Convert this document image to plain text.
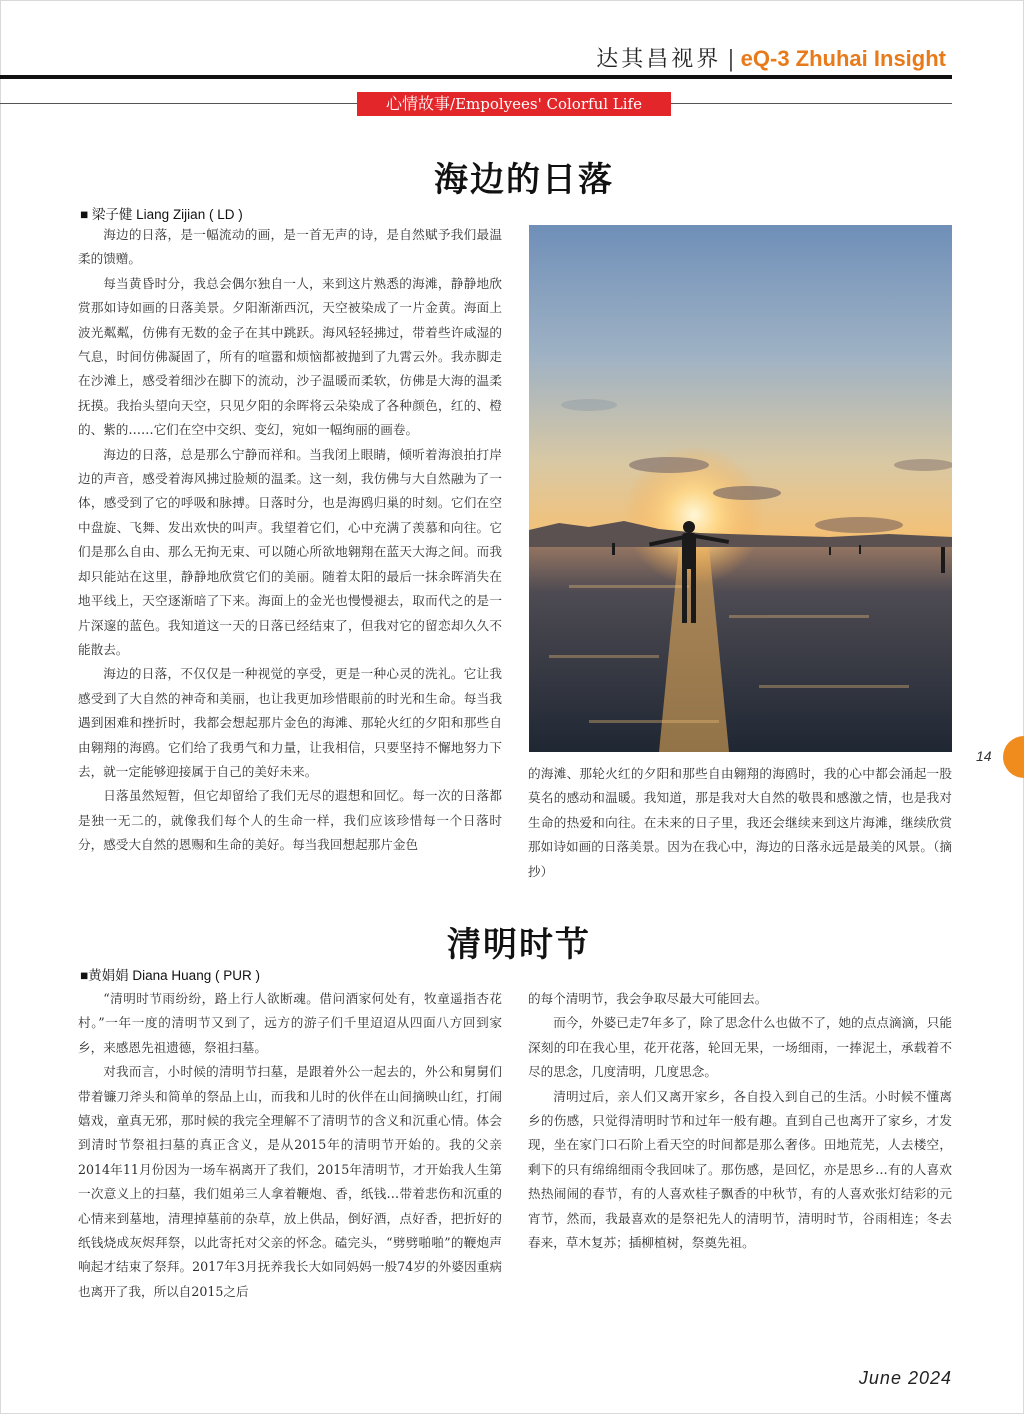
达其昌视界 | eQ-3 Zhuhai Insight
心情故事/Empolyees' Colorful Life
海边的日落
■ 梁子健 Liang Zijian ( LD )

海边的日落，是一幅流动的画，是一首无声的诗，是自然赋予我们最温柔的馈赠。

每当黄昏时分，我总会偶尔独自一人，来到这片熟悉的海滩，静静地欣赏那如诗如画的日落美景。夕阳渐渐西沉，天空被染成了一片金黄。海面上波光粼粼，仿佛有无数的金子在其中跳跃。海风轻轻拂过，带着些许咸湿的气息，时间仿佛凝固了，所有的喧嚣和烦恼都被抛到了九霄云外。我赤脚走在沙滩上，感受着细沙在脚下的流动，沙子温暖而柔软，仿佛是大海的温柔抚摸。我抬头望向天空，只见夕阳的余晖将云朵染成了各种颜色，红的、橙的、紫的……它们在空中交织、变幻，宛如一幅绚丽的画卷。

海边的日落，总是那么宁静而祥和。当我闭上眼睛，倾听着海浪拍打岸边的声音，感受着海风拂过脸颊的温柔。这一刻，我仿佛与大自然融为了一体，感受到了它的呼吸和脉搏。日落时分，也是海鸥归巢的时刻。它们在空中盘旋、飞舞、发出欢快的叫声。我望着它们，心中充满了羡慕和向往。它们是那么自由、那么无拘无束、可以随心所欲地翱翔在蓝天大海之间。而我却只能站在这里，静静地欣赏它们的美丽。随着太阳的最后一抹余晖消失在地平线上，天空逐渐暗了下来。海面上的金光也慢慢褪去，取而代之的是一片深邃的蓝色。我知道这一天的日落已经结束了，但我对它的留恋却久久不能散去。

海边的日落，不仅仅是一种视觉的享受，更是一种心灵的洗礼。它让我感受到了大自然的神奇和美丽，也让我更加珍惜眼前的时光和生命。每当我遇到困难和挫折时，我都会想起那片金色的海滩、那轮火红的夕阳和那些自由翱翔的海鸥。它们给了我勇气和力量，让我相信，只要坚持不懈地努力下去，就一定能够迎接属于自己的美好未来。

日落虽然短暂，但它却留给了我们无尽的遐想和回忆。每一次的日落都是独一无二的，就像我们每个人的生命一样，我们应该珍惜每一个日落时分，感受大自然的恩赐和生命的美好。每当我回想起那片金色

的海滩、那轮火红的夕阳和那些自由翱翔的海鸥时，我的心中都会涌起一股莫名的感动和温暖。我知道，那是我对大自然的敬畏和感激之情，也是我对生命的热爱和向往。在未来的日子里，我还会继续来到这片海滩，继续欣赏那如诗如画的日落美景。因为在我心中，海边的日落永远是最美的风景。（摘抄）

清明时节
■黄娟娟 Diana Huang ( PUR )

“清明时节雨纷纷，路上行人欲断魂。借问酒家何处有，牧童遥指杏花村。”一年一度的清明节又到了，远方的游子们千里迢迢从四面八方回到家乡，来感恩先祖遗德，祭祖扫墓。

对我而言，小时候的清明节扫墓，是跟着外公一起去的，外公和舅舅们带着镰刀斧头和简单的祭品上山，而我和儿时的伙伴在山间摘映山红，打闹嬉戏，童真无邪，那时候的我完全理解不了清明节的含义和沉重心情。体会到清时节祭祖扫墓的真正含义，是从2015年的清明节开始的。我的父亲2014年11月份因为一场车祸离开了我们，2015年清明节，才开始我人生第一次意义上的扫墓，我们姐弟三人拿着鞭炮、香，纸钱…带着悲伤和沉重的心情来到墓地，清理掉墓前的杂草，放上供品，倒好酒，点好香，把折好的纸钱烧成灰烬拜祭，以此寄托对父亲的怀念。磕完头，“劈劈啪啪”的鞭炮声响起才结束了祭拜。2017年3月抚养我长大如同妈妈一般74岁的外婆因重病也离开了我，所以自2015之后

的每个清明节，我会争取尽最大可能回去。

而今，外婆已走7年多了，除了思念什么也做不了，她的点点滴滴，只能深刻的印在我心里，花开花落，轮回无果，一场细雨，一捧泥土，承载着不尽的思念，几度清明，几度思念。

清明过后，亲人们又离开家乡，各自投入到自己的生活。小时候不懂离乡的伤感，只觉得清明时节和过年一般有趣。直到自己也离开了家乡，才发现，坐在家门口石阶上看天空的时间都是那么奢侈。田地荒芜，人去楼空，剩下的只有绵绵细雨令我回味了。那伤感，是回忆，亦是思乡…有的人喜欢热热闹闹的春节，有的人喜欢桂子飘香的中秋节，有的人喜欢张灯结彩的元宵节，然而，我最喜欢的是祭祀先人的清明节，清明时节，谷雨相连；冬去春来，草木复苏；插柳植树，祭奠先祖。

14
June 2024
